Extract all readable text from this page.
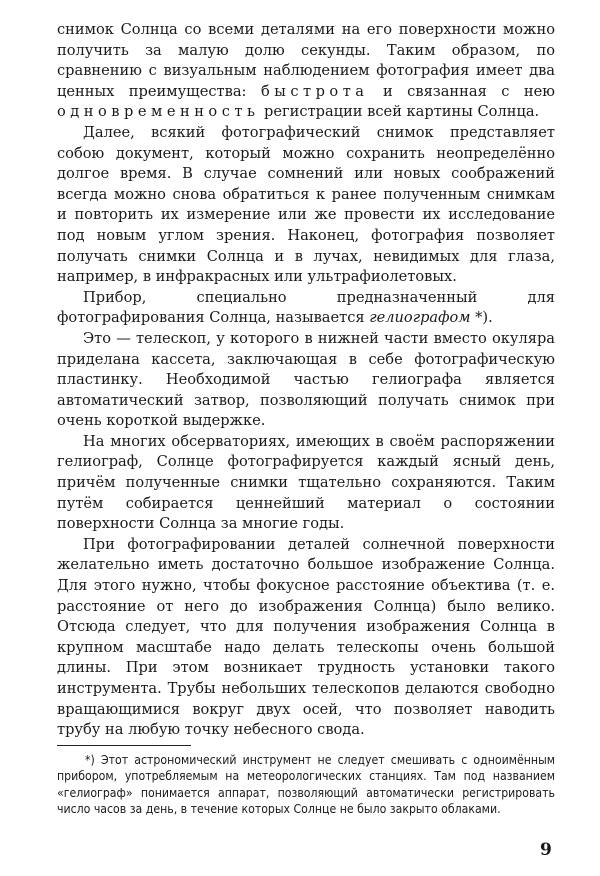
снимок Солнца со всеми деталями на его поверхности можно получить за малую долю секунды. Таким образом, по сравнению с визуальным наблюдением фотография имеет два ценных преимущества: быстрота и связанная с нею одновременность регистрации всей картины Солнца.

Далее, всякий фотографический снимок представляет собою документ, который можно сохранить неопределённо долгое время. В случае сомнений или новых соображений всегда можно снова обратиться к ранее полученным снимкам и повторить их измерение или же провести их исследование под новым углом зрения. Наконец, фотография позволяет получать снимки Солнца и в лучах, невидимых для глаза, например, в инфракрасных или ультрафиолетовых.

Прибор, специально предназначенный для фотографирования Солнца, называется гелиографом *).

Это — телескоп, у которого в нижней части вместо окуляра приделана кассета, заключающая в себе фотографическую пластинку. Необходимой частью гелиографа является автоматический затвор, позволяющий получать снимок при очень короткой выдержке.

На многих обсерваториях, имеющих в своём распоряжении гелиограф, Солнце фотографируется каждый ясный день, причём полученные снимки тщательно сохраняются. Таким путём собирается ценнейший материал о состоянии поверхности Солнца за многие годы.

При фотографировании деталей солнечной поверхности желательно иметь достаточно большое изображение Солнца. Для этого нужно, чтобы фокусное расстояние объектива (т. е. расстояние от него до изображения Солнца) было велико. Отсюда следует, что для получения изображения Солнца в крупном масштабе надо делать телескопы очень большой длины. При этом возникает трудность установки такого инструмента. Трубы небольших телескопов делаются свободно вращающимися вокруг двух осей, что позволяет наводить трубу на любую точку небесного свода.

*) Этот астрономический инструмент не следует смешивать с одноимённым прибором, употребляемым на метеорологических станциях. Там под названием «гелиограф» понимается аппарат, позволяющий автоматически регистрировать число часов за день, в течение которых Солнце не было закрыто облаками.

9
